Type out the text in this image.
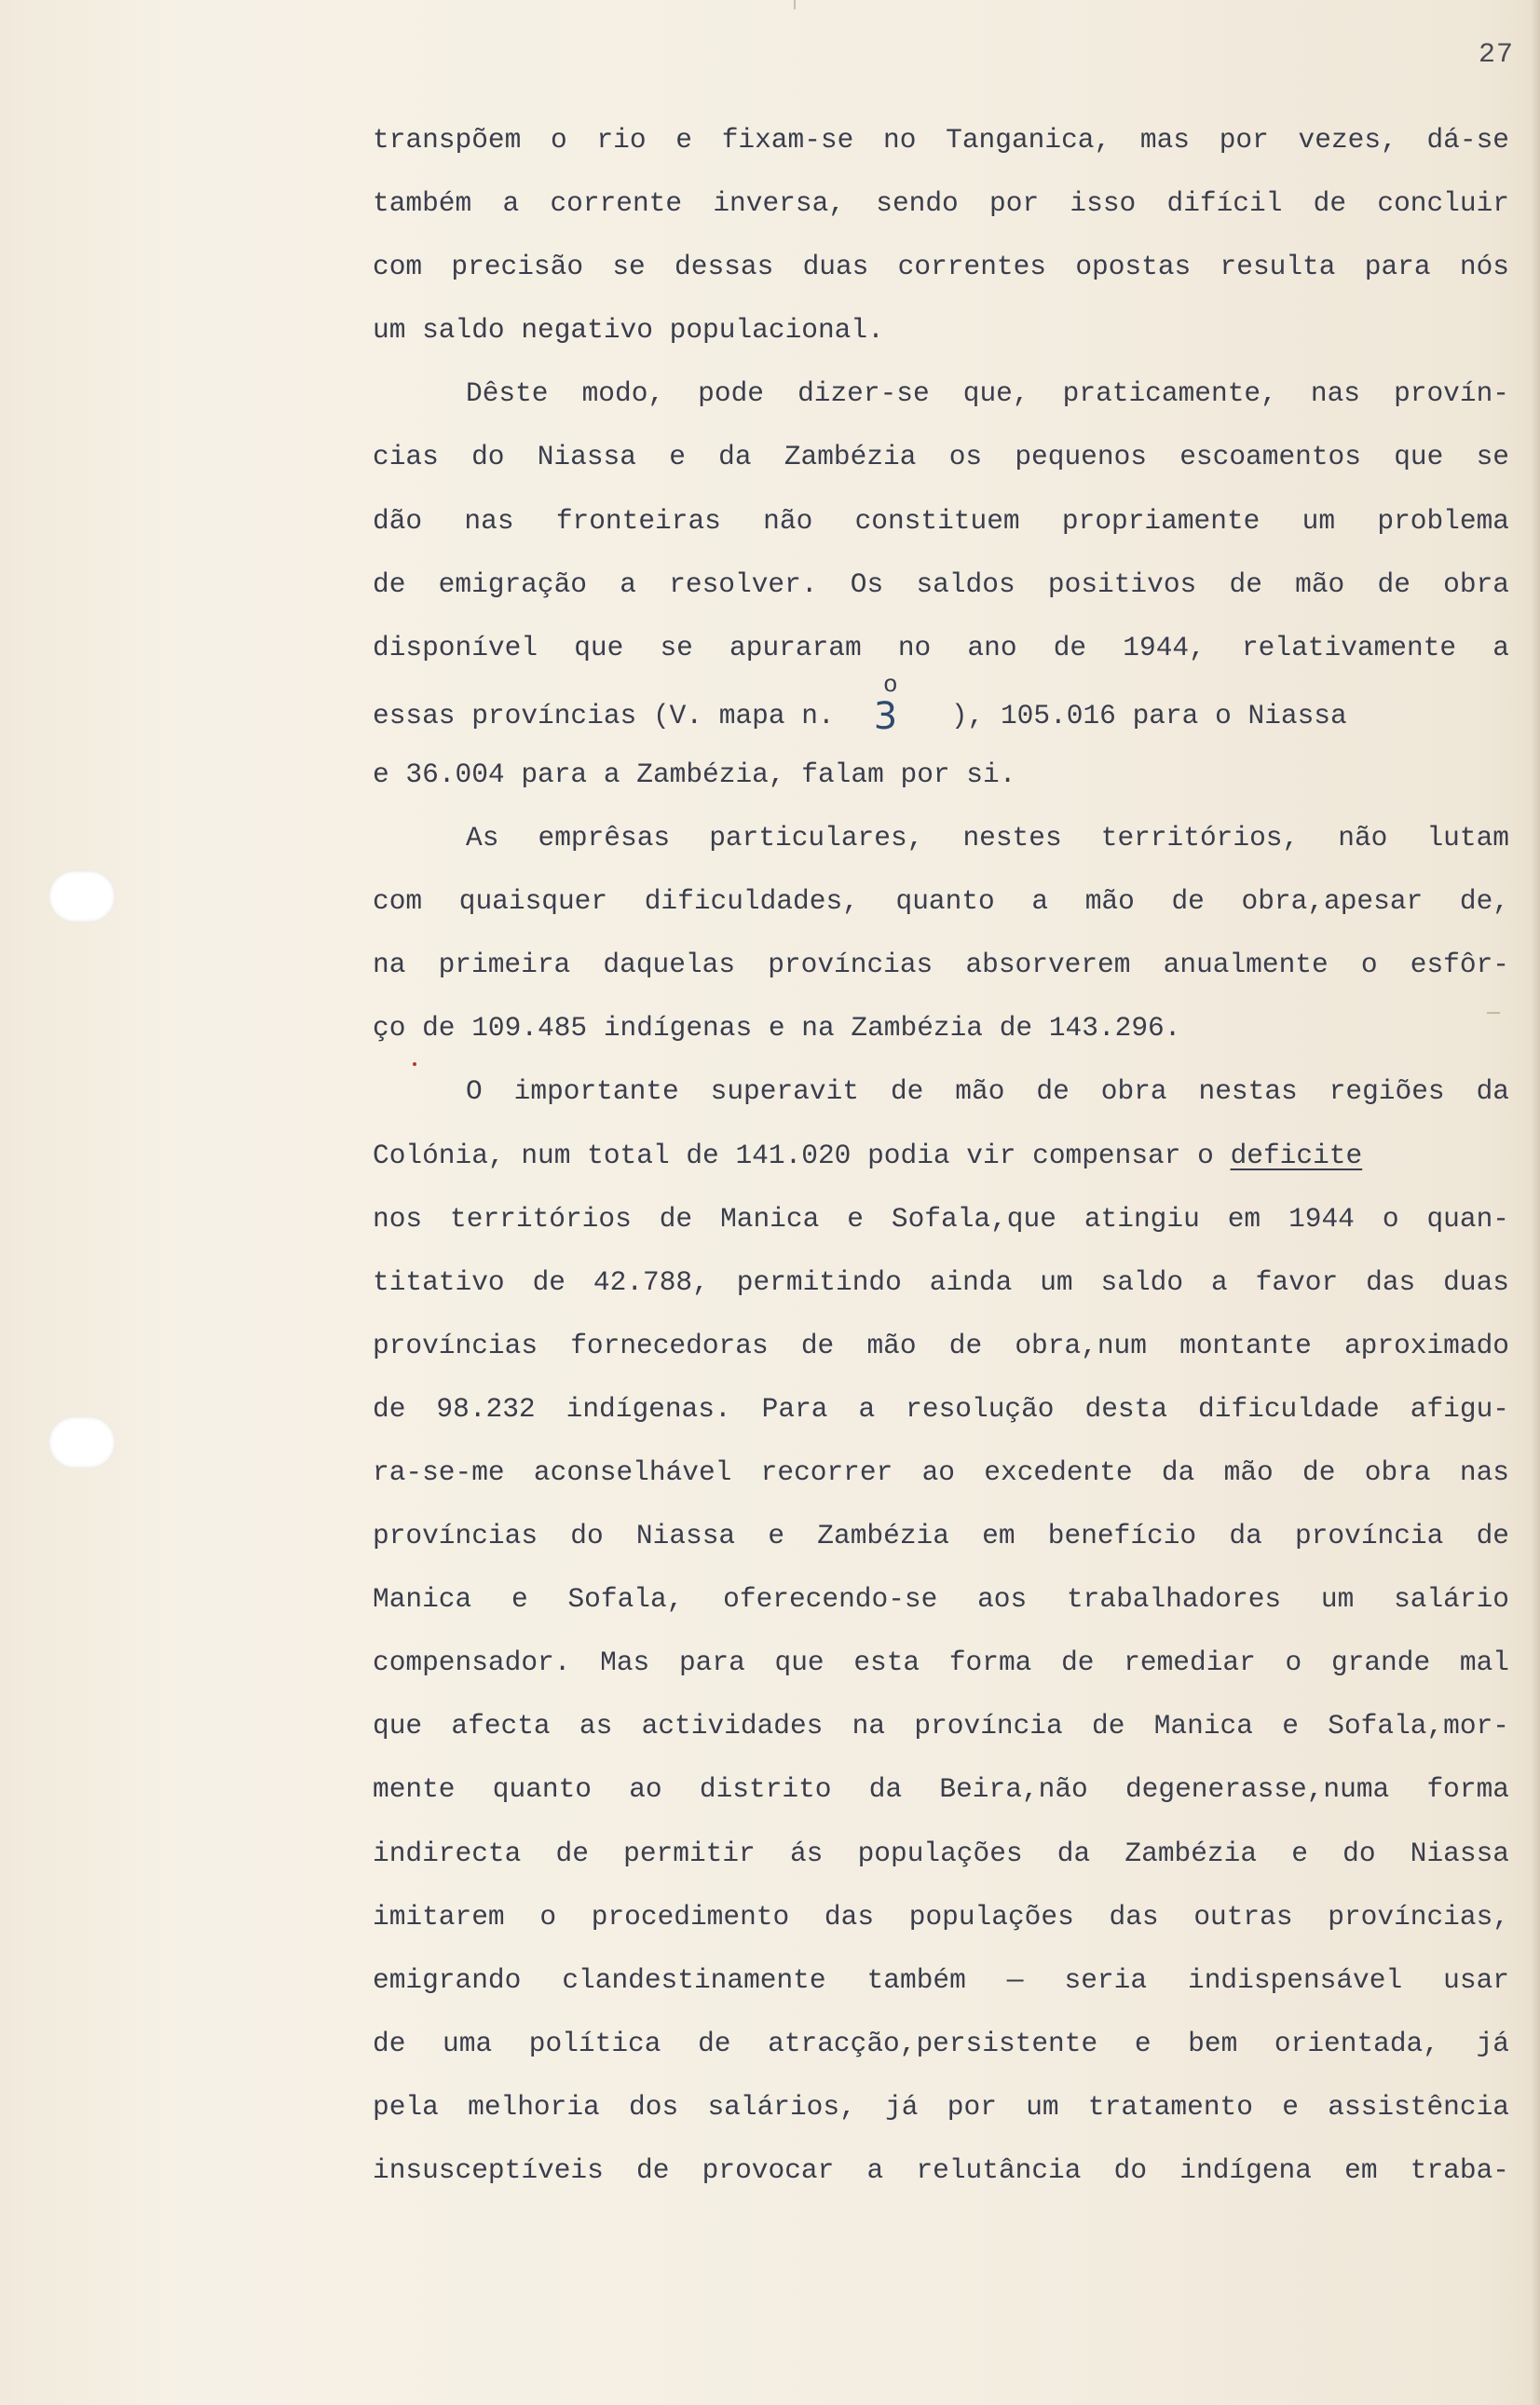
27
transpõem o rio e fixam-se no Tanganica, mas por vezes, dá-se
também a corrente inversa, sendo por isso difícil de concluir
com precisão se dessas duas correntes opostas resulta para nós
um saldo negativo populacional.
Dêste modo, pode dizer-se que, praticamente, nas provín-
cias do Niassa e da Zambézia os pequenos escoamentos que se
dão nas fronteiras não constituem propriamente um problema
de emigração a resolver. Os saldos positivos de mão de obra
disponível que se apuraram no ano de 1944, relativamente a
essas províncias (V. mapa n.
o
3 ), 105.016 para o Niassa
e 36.004 para a Zambézia, falam por si.
As emprêsas particulares, nestes territórios, não lutam
com quaisquer dificuldades, quanto a mão de obra,apesar de,
na primeira daquelas províncias absorverem anualmente o esfôr-
ço de 109.485 indígenas e na Zambézia de 143.296.
O importante superavit de mão de obra nestas regiões da
Colónia, num total de 141.020 podia vir compensar o deficite
nos territórios de Manica e Sofala,que atingiu em 1944 o quan-
titativo de 42.788, permitindo ainda um saldo a favor das duas
províncias fornecedoras de mão de obra,num montante aproximado
de 98.232 indígenas. Para a resolução desta dificuldade afigu-
ra-se-me aconselhável recorrer ao excedente da mão de obra nas
províncias do Niassa e Zambézia em benefício da província de
Manica e Sofala, oferecendo-se aos trabalhadores um salário
compensador. Mas para que esta forma de remediar o grande mal
que afecta as actividades na província de Manica e Sofala,mor-
mente quanto ao distrito da Beira,não degenerasse,numa forma
indirecta de permitir ás populações da Zambézia e do Niassa
imitarem o procedimento das populações das outras províncias,
emigrando clandestinamente também — seria indispensável usar
de uma política de atracção,persistente e bem orientada, já
pela melhoria dos salários, já por um tratamento e assistência
insusceptíveis de provocar a relutância do indígena em traba-
